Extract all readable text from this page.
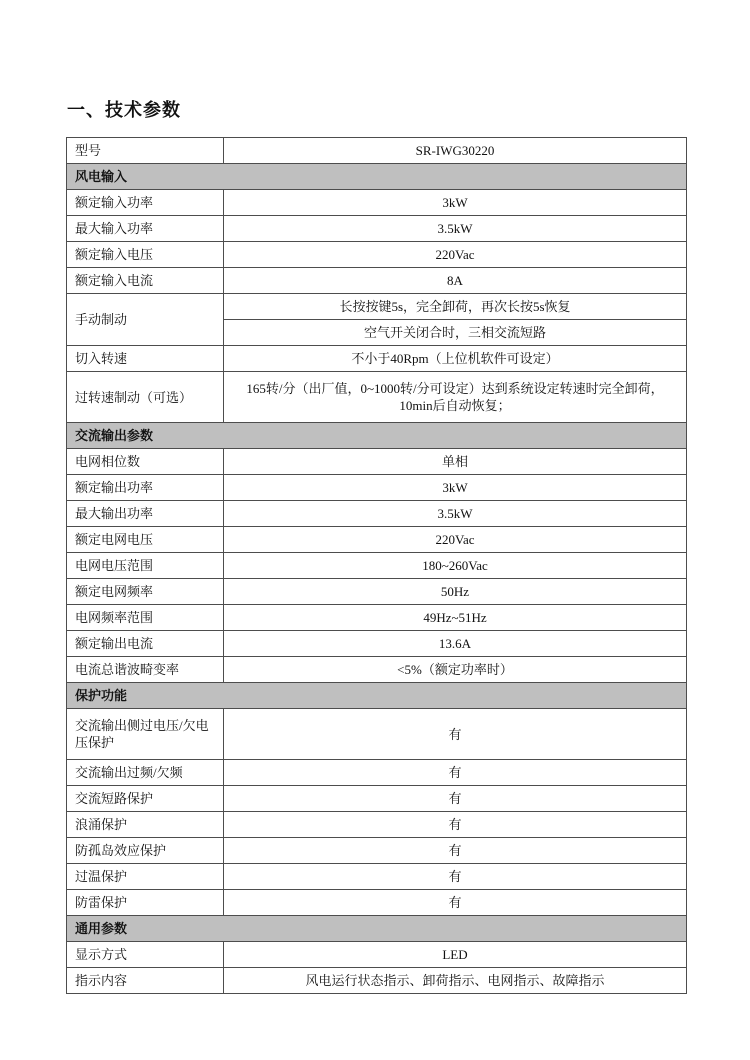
一、技术参数
型号	SR-IWG30220
风电输入	
额定输入功率	3kW
最大输入功率	3.5kW
额定输入电压	220Vac
额定输入电流	8A
手动制动	长按按键5s，完全卸荷，再次长按5s恢复
	空气开关闭合时，三相交流短路
切入转速	不小于40Rpm（上位机软件可设定）
过转速制动（可选）	165转/分（出厂值，0~1000转/分可设定）达到系统设定转速时完全卸荷，10min后自动恢复；
交流输出参数	
电网相位数	单相
额定输出功率	3kW
最大输出功率	3.5kW
额定电网电压	220Vac
电网电压范围	180~260Vac
额定电网频率	50Hz
电网频率范围	49Hz~51Hz
额定输出电流	13.6A
电流总谐波畸变率	<5%（额定功率时）
保护功能	
交流输出侧过电压/欠电压保护	有
交流输出过频/欠频	有
交流短路保护	有
浪涌保护	有
防孤岛效应保护	有
过温保护	有
防雷保护	有
通用参数	
显示方式	LED
指示内容	风电运行状态指示、卸荷指示、电网指示、故障指示
